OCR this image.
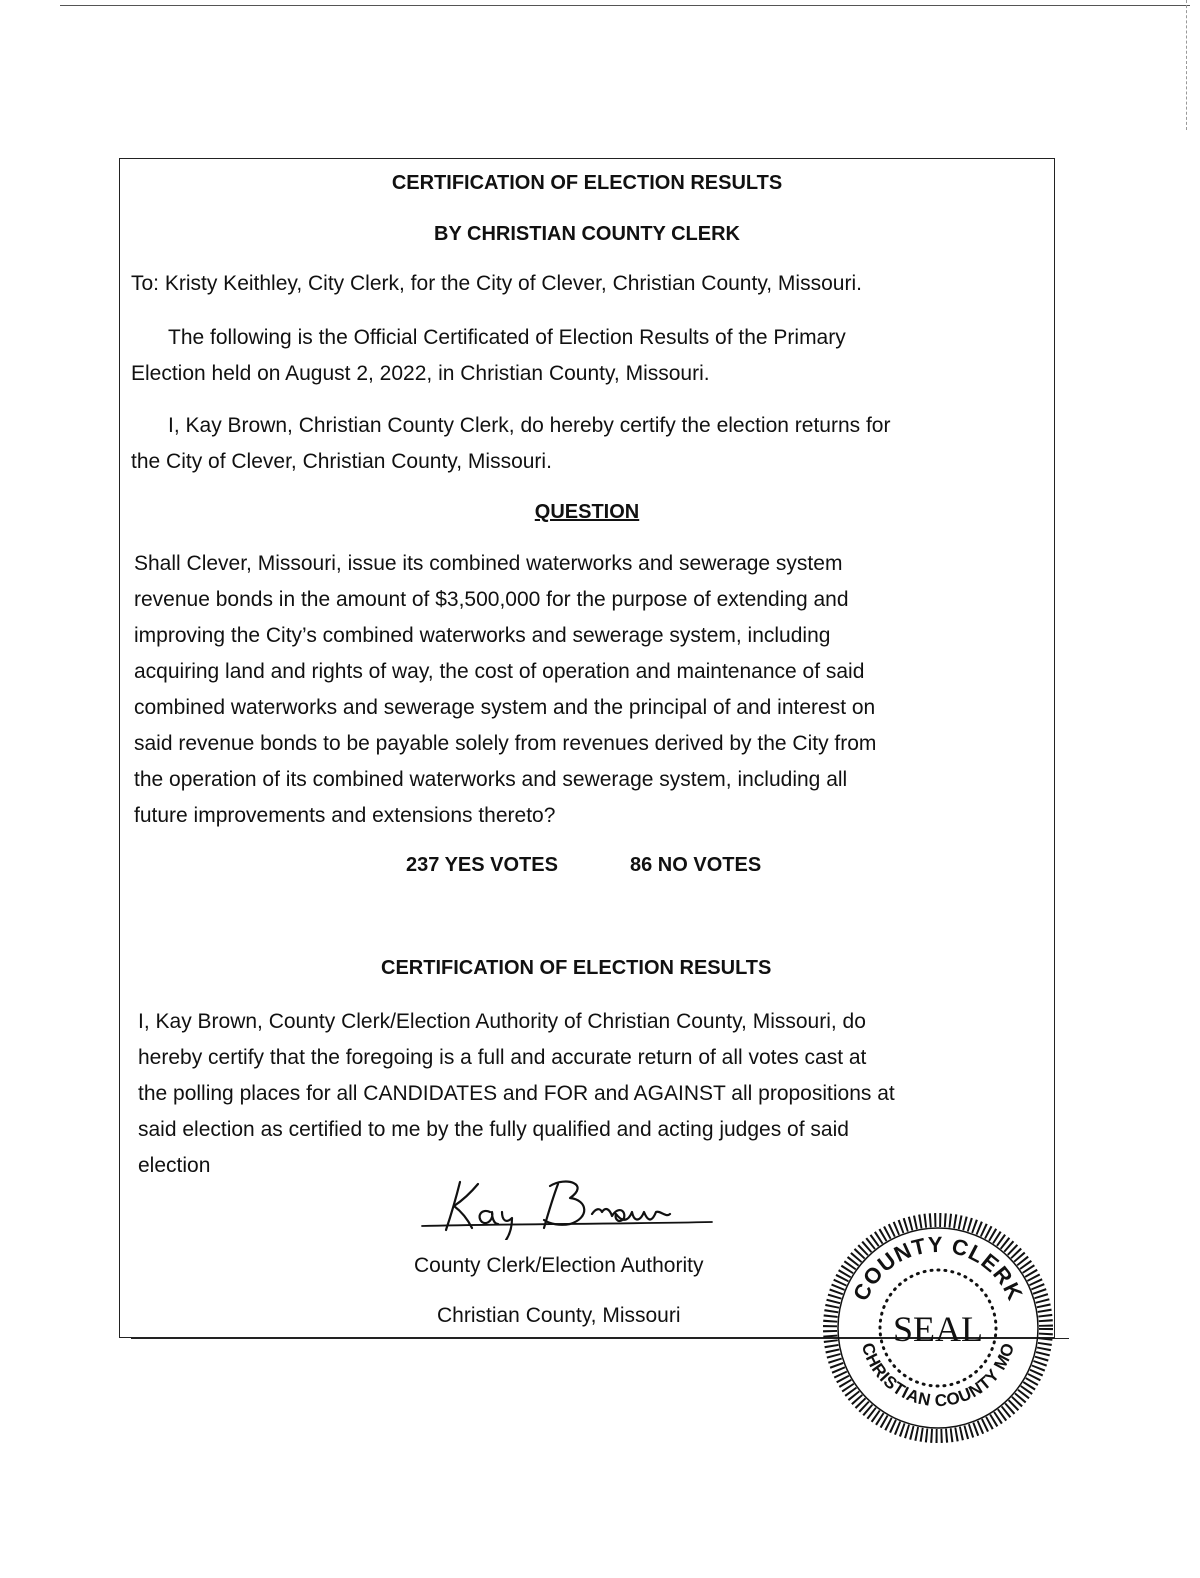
CERTIFICATION OF ELECTION RESULTS
BY CHRISTIAN COUNTY CLERK
To: Kristy Keithley, City Clerk, for the City of Clever, Christian County, Missouri.
The following is the Official Certificated of Election Results of the Primary
Election held on August 2, 2022, in Christian County, Missouri.
I, Kay Brown, Christian County Clerk, do hereby certify the election returns for
the City of Clever, Christian County, Missouri.
QUESTION
Shall Clever, Missouri, issue its combined waterworks and sewerage system
revenue bonds in the amount of $3,500,000 for the purpose of extending and
improving the City’s combined waterworks and sewerage system, including
acquiring land and rights of way, the cost of operation and maintenance of said
combined waterworks and sewerage system and the principal of and interest on
said revenue bonds to be payable solely from revenues derived by the City from
the operation of its combined waterworks and sewerage system, including all
future improvements and extensions thereto?
237 YES VOTES	86 NO VOTES
CERTIFICATION OF ELECTION RESULTS
I, Kay Brown, County Clerk/Election Authority of Christian County, Missouri, do
hereby certify that the foregoing is a full and accurate return of all votes cast at
the polling places for all CANDIDATES and FOR and AGAINST all propositions at
said election as certified to me by the fully qualified and acting judges of said
election
County Clerk/Election Authority
Christian County, Missouri
COUNTY CLERK
CHRISTIAN COUNTY MO
SEAL
